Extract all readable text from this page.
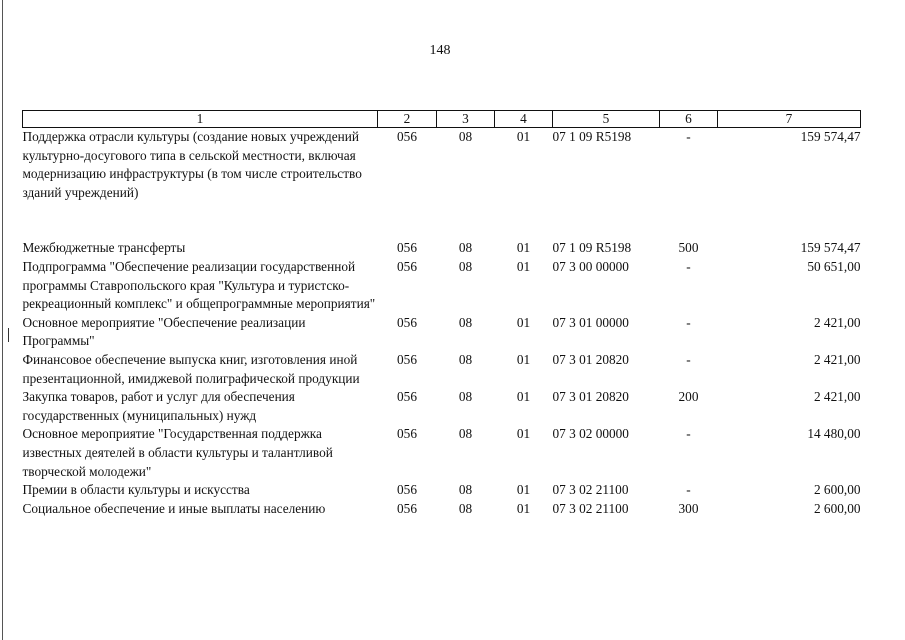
148
1	2	3	4	5	6	7
Поддержка отрасли культуры (создание новых учреждений культурно-досугового типа в сельской местности, включая модернизацию инфраструктуры (в том числе строительство зданий учреждений)	056	08	01	07 1 09 R5198	-	159 574,47

Межбюджетные трансферты	056	08	01	07 1 09 R5198	500	159 574,47
Подпрограмма "Обеспечение реализации государственной программы Ставропольского края "Культура и туристско-рекреационный комплекс" и общепрограммные мероприятия"	056	08	01	07 3 00 00000	-	50 651,00
Основное мероприятие "Обеспечение реализации Программы"	056	08	01	07 3 01 00000	-	2 421,00
Финансовое обеспечение выпуска книг, изготовления иной презентационной, имиджевой полиграфической продукции	056	08	01	07 3 01 20820	-	2 421,00
Закупка товаров, работ и услуг для обеспечения государственных (муниципальных) нужд	056	08	01	07 3 01 20820	200	2 421,00
Основное мероприятие "Государственная поддержка известных деятелей в области культуры и талантливой творческой молодежи"	056	08	01	07 3 02 00000	-	14 480,00
Премии в области культуры и искусства	056	08	01	07 3 02 21100	-	2 600,00
Социальное обеспечение и иные выплаты населению	056	08	01	07 3 02 21100	300	2 600,00
